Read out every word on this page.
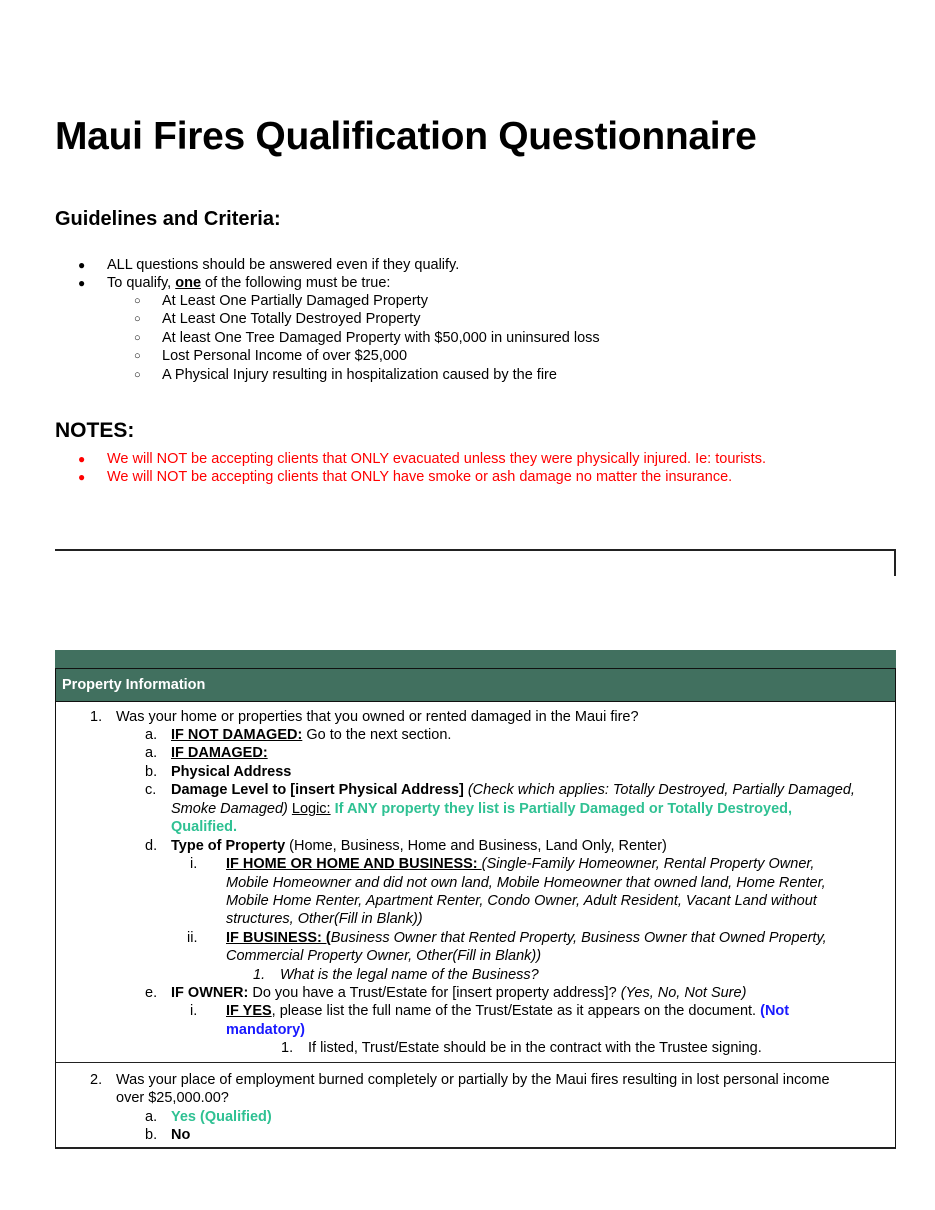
Maui Fires Qualification Questionnaire
Guidelines and Criteria:
● ALL questions should be answered even if they qualify.
● To qualify, one of the following must be true:
○ At Least One Partially Damaged Property
○ At Least One Totally Destroyed Property
○ At least One Tree Damaged Property with $50,000 in uninsured loss
○ Lost Personal Income of over $25,000
○ A Physical Injury resulting in hospitalization caused by the fire
NOTES:
● We will NOT be accepting clients that ONLY evacuated unless they were physically injured. Ie: tourists.
● We will NOT be accepting clients that ONLY have smoke or ash damage no matter the insurance.
Property Information
1. Was your home or properties that you owned or rented damaged in the Maui fire?
a. IF NOT DAMAGED: Go to the next section.
a. IF DAMAGED:
b. Physical Address
c. Damage Level to [insert Physical Address] (Check which applies: Totally Destroyed, Partially Damaged,
Smoke Damaged) Logic: If ANY property they list is Partially Damaged or Totally Destroyed,
Qualified.
d. Type of Property (Home, Business, Home and Business, Land Only, Renter)
i. IF HOME OR HOME AND BUSINESS: (Single-Family Homeowner, Rental Property Owner,
Mobile Homeowner and did not own land, Mobile Homeowner that owned land, Home Renter,
Mobile Home Renter, Apartment Renter, Condo Owner, Adult Resident, Vacant Land without
structures, Other(Fill in Blank))
ii. IF BUSINESS: (Business Owner that Rented Property, Business Owner that Owned Property,
Commercial Property Owner, Other(Fill in Blank))
1. What is the legal name of the Business?
e. IF OWNER: Do you have a Trust/Estate for [insert property address]? (Yes, No, Not Sure)
i. IF YES, please list the full name of the Trust/Estate as it appears on the document. (Not
mandatory)
1. If listed, Trust/Estate should be in the contract with the Trustee signing.
2. Was your place of employment burned completely or partially by the Maui fires resulting in lost personal income
over $25,000.00?
a. Yes (Qualified)
b. No
